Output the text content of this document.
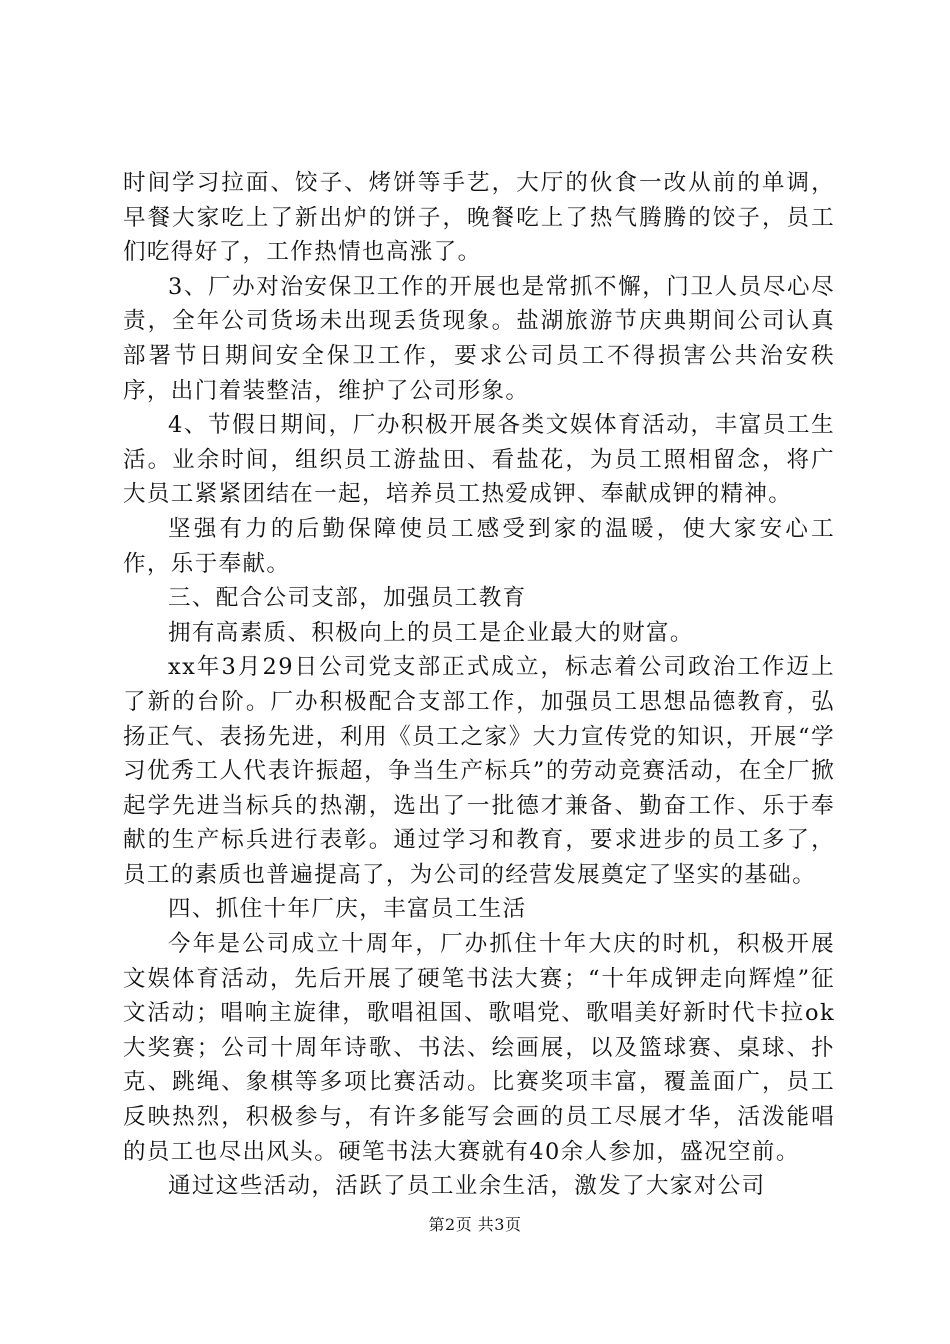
时间学习拉面、饺子、烤饼等手艺，大厅的伙食一改从前的单调，早餐大家吃上了新出炉的饼子，晚餐吃上了热气腾腾的饺子，员工们吃得好了，工作热情也高涨了。

3、厂办对治安保卫工作的开展也是常抓不懈，门卫人员尽心尽责，全年公司货场未出现丢货现象。盐湖旅游节庆典期间公司认真部署节日期间安全保卫工作，要求公司员工不得损害公共治安秩序，出门着装整洁，维护了公司形象。

4、节假日期间，厂办积极开展各类文娱体育活动，丰富员工生活。业余时间，组织员工游盐田、看盐花，为员工照相留念，将广大员工紧紧团结在一起，培养员工热爱成钾、奉献成钾的精神。

坚强有力的后勤保障使员工感受到家的温暖，使大家安心工作，乐于奉献。

三、配合公司支部，加强员工教育

拥有高素质、积极向上的员工是企业最大的财富。

xx年3月29日公司党支部正式成立，标志着公司政治工作迈上了新的台阶。厂办积极配合支部工作，加强员工思想品德教育，弘扬正气、表扬先进，利用《员工之家》大力宣传党的知识，开展“学习优秀工人代表许振超，争当生产标兵”的劳动竞赛活动，在全厂掀起学先进当标兵的热潮，选出了一批德才兼备、勤奋工作、乐于奉献的生产标兵进行表彰。通过学习和教育，要求进步的员工多了，员工的素质也普遍提高了，为公司的经营发展奠定了坚实的基础。

四、抓住十年厂庆，丰富员工生活

今年是公司成立十周年，厂办抓住十年大庆的时机，积极开展文娱体育活动，先后开展了硬笔书法大赛；“十年成钾走向辉煌”征文活动；唱响主旋律，歌唱祖国、歌唱党、歌唱美好新时代卡拉ok大奖赛；公司十周年诗歌、书法、绘画展，以及篮球赛、桌球、扑克、跳绳、象棋等多项比赛活动。比赛奖项丰富，覆盖面广，员工反映热烈，积极参与，有许多能写会画的员工尽展才华，活泼能唱的员工也尽出风头。硬笔书法大赛就有40余人参加，盛况空前。

通过这些活动，活跃了员工业余生活，激发了大家对公司

第2页 共3页
